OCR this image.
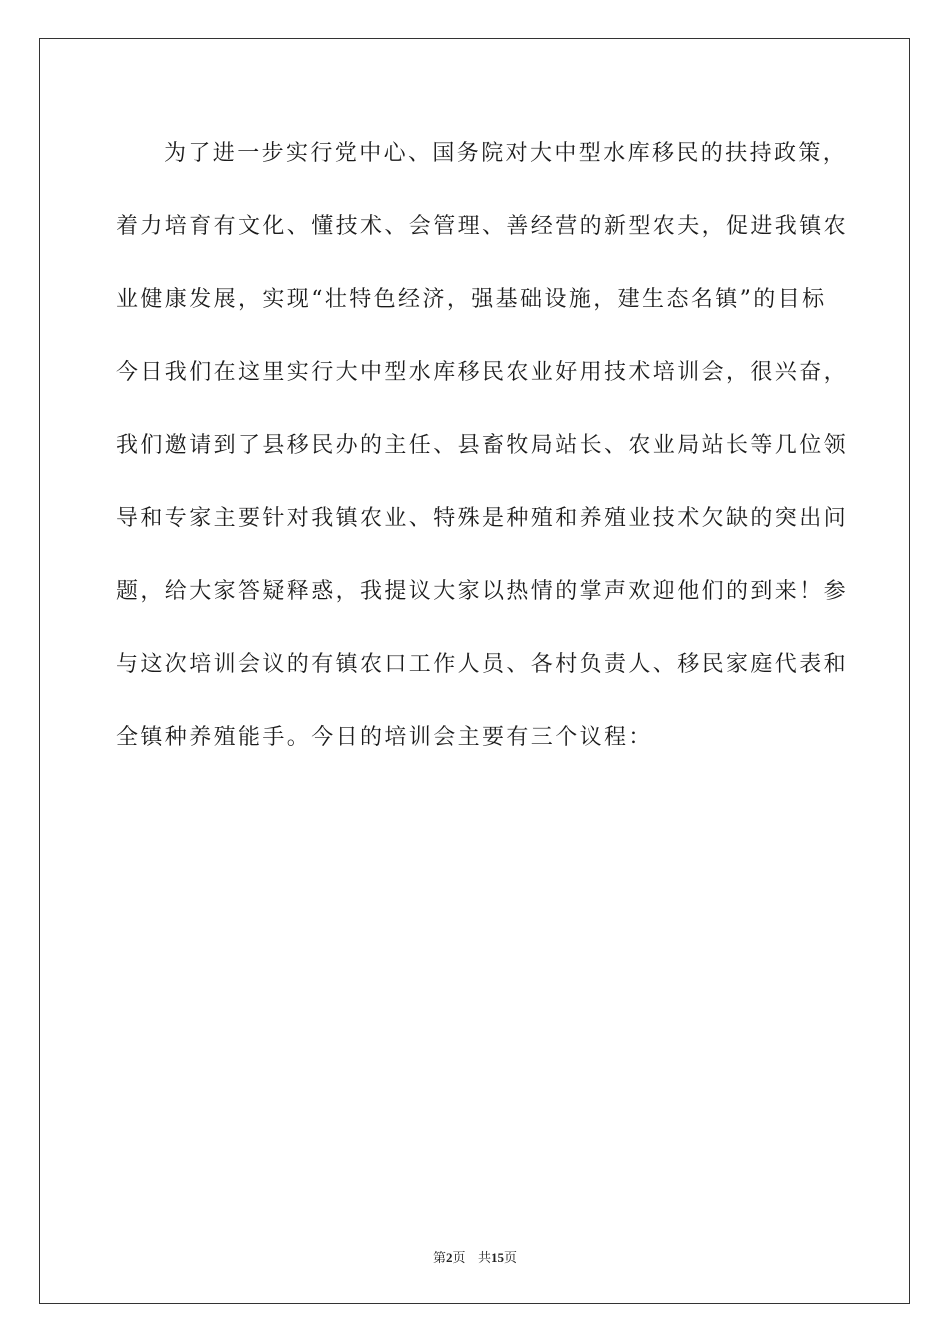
为了进一步实行党中心、国务院对大中型水库移民的扶持政策，
着力培育有文化、懂技术、会管理、善经营的新型农夫，促进我镇农
业健康发展，实现“壮特色经济，强基础设施，建生态名镇”的目标
今日我们在这里实行大中型水库移民农业好用技术培训会，很兴奋，
我们邀请到了县移民办的主任、县畜牧局站长、农业局站长等几位领
导和专家主要针对我镇农业、特殊是种殖和养殖业技术欠缺的突出问
题，给大家答疑释惑，我提议大家以热情的掌声欢迎他们的到来！参
与这次培训会议的有镇农口工作人员、各村负责人、移民家庭代表和
全镇种养殖能手。今日的培训会主要有三个议程：
第2页 共15页
